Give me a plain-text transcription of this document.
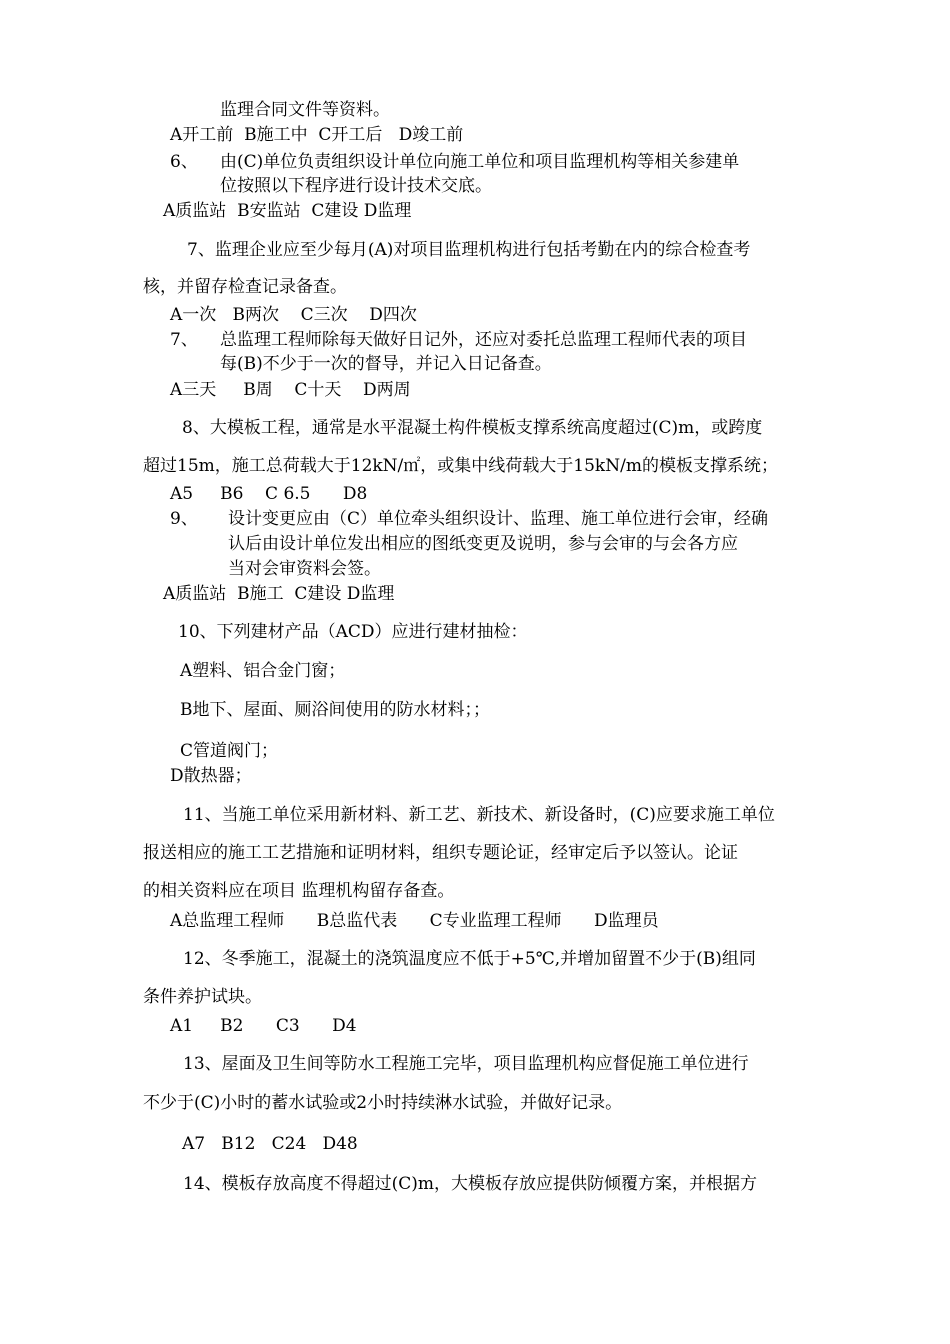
监理合同文件等资料。
A开工前  B施工中  C开工后   D竣工前
6、 由(C)单位负责组织设计单位向施工单位和项目监理机构等相关参建单
位按照以下程序进行设计技术交底。
A质监站  B安监站  C建设 D监理
7、监理企业应至少每月(A)对项目监理机构进行包括考勤在内的综合检查考
核，并留存检查记录备查。
A一次   B两次    C三次    D四次
7、 总监理工程师除每天做好日记外，还应对委托总监理工程师代表的项目
每(B)不少于一次的督导，并记入日记备查。
A三天     B周    C十天    D两周
8、大模板工程，通常是水平混凝土构件模板支撑系统高度超过(C)m，或跨度
超过15m，施工总荷载大于12kN/㎡，或集中线荷载大于15kN/m的模板支撑系统；
A5     B6    C 6.5      D8
9、 设计变更应由（C）单位牵头组织设计、监理、施工单位进行会审，经确
认后由设计单位发出相应的图纸变更及说明，参与会审的与会各方应
当对会审资料会签。
A质监站  B施工  C建设 D监理
10、下列建材产品（ACD）应进行建材抽检：
A塑料、铝合金门窗；
B地下、屋面、厕浴间使用的防水材料；；
C管道阀门；
D散热器；
11、当施工单位采用新材料、新工艺、新技术、新设备时，(C)应要求施工单位
报送相应的施工工艺措施和证明材料，组织专题论证，经审定后予以签认。论证
的相关资料应在项目 监理机构留存备查。
A总监理工程师      B总监代表      C专业监理工程师      D监理员
12、冬季施工，混凝土的浇筑温度应不低于+5℃,并增加留置不少于(B)组同
条件养护试块。
A1     B2      C3      D4
13、屋面及卫生间等防水工程施工完毕，项目监理机构应督促施工单位进行
不少于(C)小时的蓄水试验或2小时持续淋水试验，并做好记录。
A7   B12   C24   D48
14、模板存放高度不得超过(C)m，大模板存放应提供防倾覆方案，并根据方
